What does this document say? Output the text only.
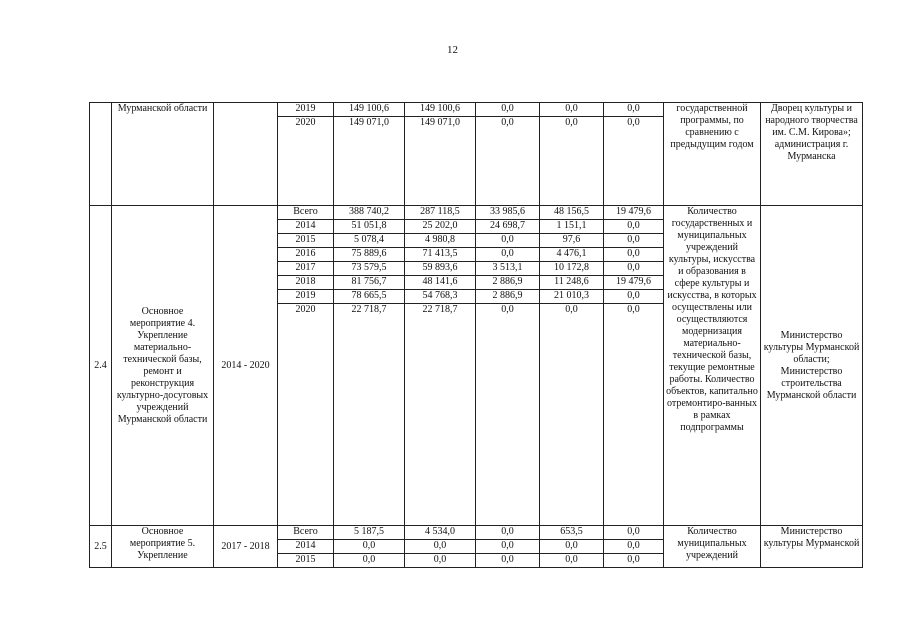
12
	Мурманской области		2019	149 100,6	149 100,6	0,0	0,0	0,0	государственной программы, по сравнению с предыдущим годом	Дворец культуры и народного творчества им. С.М. Кирова»; администрация г. Мурманска
			2020	149 071,0	149 071,0	0,0	0,0	0,0		
2.4	Основное мероприятие 4. Укрепление материально-технической базы, ремонт и реконструкция культурно-досуговых учреждений Мурманской области	2014 - 2020	Всего	388 740,2	287 118,5	33 985,6	48 156,5	19 479,6	Количество государственных и муниципальных учреждений культуры, искусства и образования в сфере культуры и искусства, в которых осуществлены или осуществляются модернизация материально-технической базы, текущие ремонтные работы. Количество объектов, капитально отремонтиро-ванных в рамках подпрограммы	Министерство культуры Мурманской области; Министерство строительства Мурманской области
			2014	51 051,8	25 202,0	24 698,7	1 151,1	0,0		
			2015	5 078,4	4 980,8	0,0	97,6	0,0		
			2016	75 889,6	71 413,5	0,0	4 476,1	0,0		
			2017	73 579,5	59 893,6	3 513,1	10 172,8	0,0		
			2018	81 756,7	48 141,6	2 886,9	11 248,6	19 479,6		
			2019	78 665,5	54 768,3	2 886,9	21 010,3	0,0		
			2020	22 718,7	22 718,7	0,0	0,0	0,0		
2.5	Основное мероприятие 5. Укрепление	2017 - 2018	Всего	5 187,5	4 534,0	0,0	653,5	0,0	Количество муниципальных учреждений	Министерство культуры Мурманской
			2014	0,0	0,0	0,0	0,0	0,0		
			2015	0,0	0,0	0,0	0,0	0,0		
